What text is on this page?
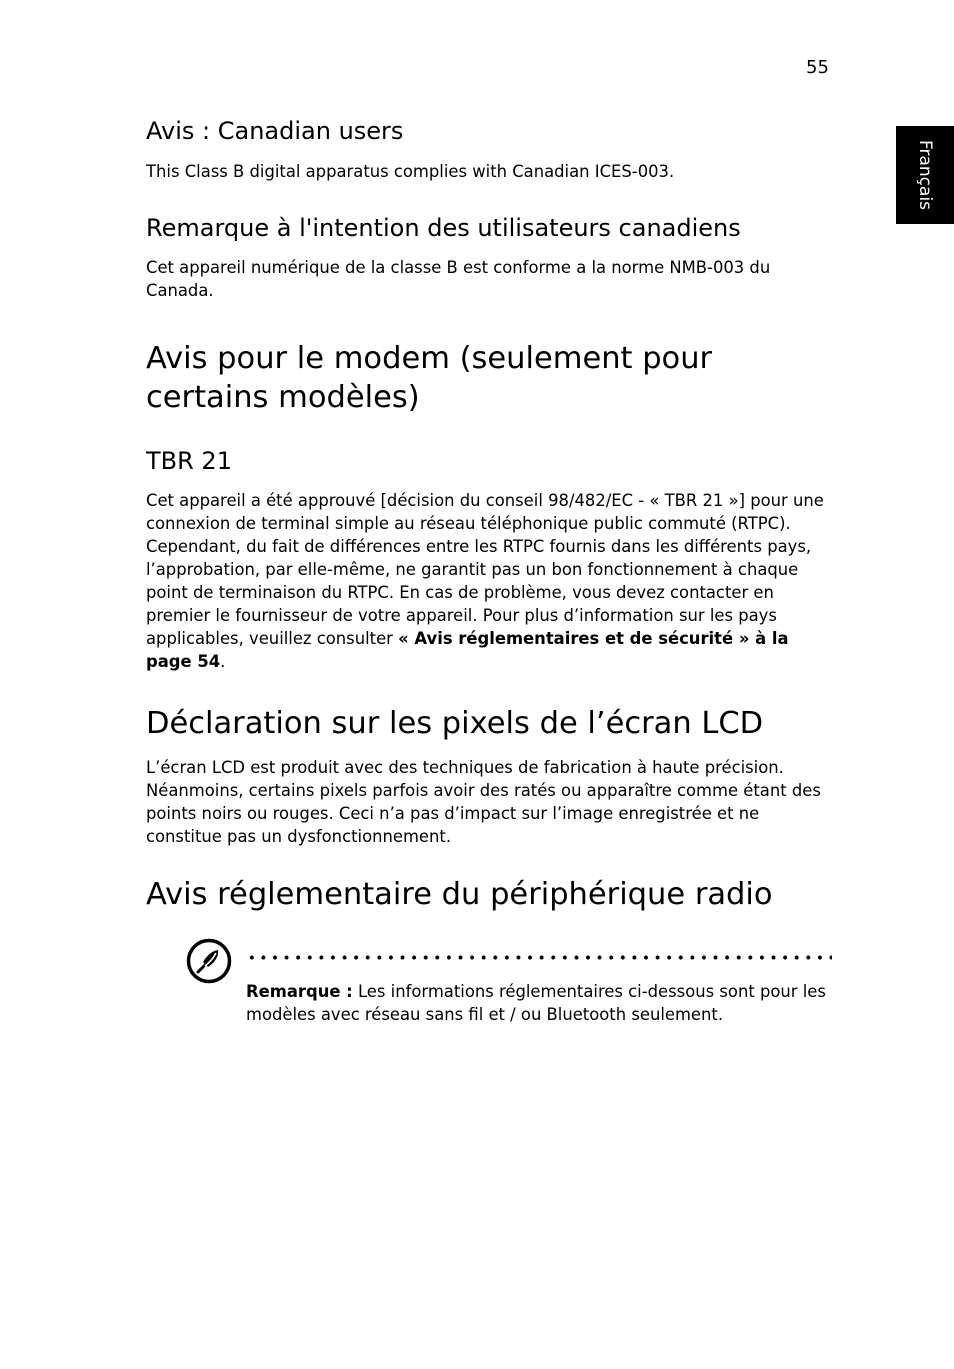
55
Français
Avis : Canadian users

This Class B digital apparatus complies with Canadian ICES-003.

Remarque à l'intention des utilisateurs canadiens

Cet appareil numérique de la classe B est conforme a la norme NMB-003 du Canada.

Avis pour le modem (seulement pour certains modèles)
TBR 21

Cet appareil a été approuvé [décision du conseil 98/482/EC - « TBR 21 »] pour une connexion de terminal simple au réseau téléphonique public commuté (RTPC). Cependant, du fait de différences entre les RTPC fournis dans les différents pays, l’approbation, par elle-même, ne garantit pas un bon fonctionnement à chaque point de terminaison du RTPC. En cas de problème, vous devez contacter en premier le fournisseur de votre appareil. Pour plus d’information sur les pays applicables, veuillez consulter « Avis réglementaires et de sécurité » à la page 54.

Déclaration sur les pixels de l’écran LCD

L’écran LCD est produit avec des techniques de fabrication à haute précision. Néanmoins, certains pixels parfois avoir des ratés ou apparaître comme étant des points noirs ou rouges. Ceci n’a pas d’impact sur l’image enregistrée et ne constitue pas un dysfonctionnement.

Avis réglementaire du périphérique radio

Remarque : Les informations réglementaires ci-dessous sont pour les modèles avec réseau sans fil et / ou Bluetooth seulement.
